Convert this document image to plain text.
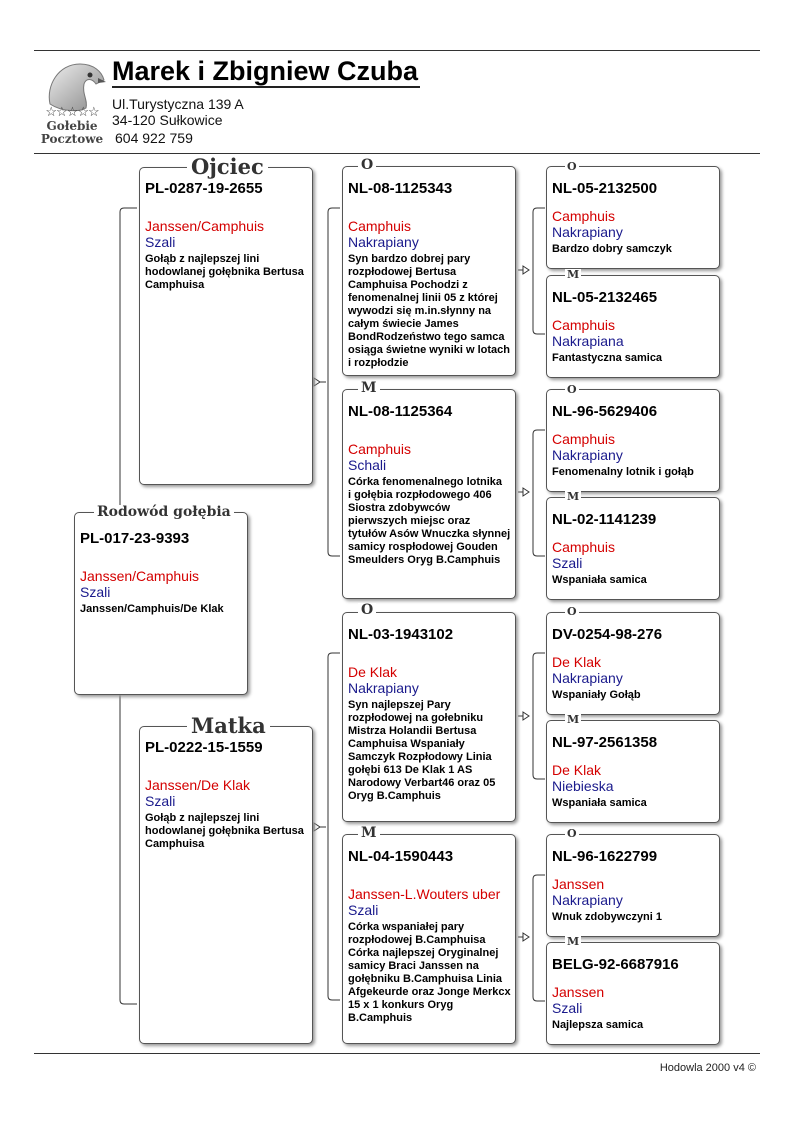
☆☆☆☆☆
Gołebie
Pocztowe
Marek i Zbigniew Czuba
Ul.Turystyczna 139 A
34-120 Sułkowice
604 922 759
PL-017-23-9393
Janssen/Camphuis
Szali
Janssen/Camphuis/De Klak
Rodowód gołębia
PL-0287-19-2655
Janssen/Camphuis
Szali
Gołąb z najlepszej lini hodowlanej gołębnika Bertusa Camphuisa
Ojciec
PL-0222-15-1559
Janssen/De Klak
Szali
Gołąb z najlepszej lini hodowlanej gołębnika Bertusa Camphuisa
Matka
NL-08-1125343
Camphuis
Nakrapiany
Syn bardzo dobrej pary rozpłodowej Bertusa Camphuisa Pochodzi z fenomenalnej linii 05 z której wywodzi się m.in.słynny na całym świecie James BondRodzeństwo tego samca osiąga świetne wyniki w lotach i rozpłodzie
O
NL-08-1125364
Camphuis
Schali
Córka fenomenalnego lotnika
i gołębia rozpłodowego 406 Siostra zdobywców pierwszych miejsc oraz tytułów Asów Wnuczka słynnej samicy rospłodowej Gouden Smeulders Oryg B.Camphuis
M
NL-03-1943102
De Klak
Nakrapiany
Syn najlepszej Pary rozpłodowej na gołebniku Mistrza Holandii Bertusa Camphuisa Wspaniały Samczyk Rozpłodowy Linia gołębi 613 De Klak 1 AS Narodowy Verbart46 oraz 05 Oryg B.Camphuis
O
NL-04-1590443
Janssen-L.Wouters uber
Szali
Córka wspaniałej pary rozpłodowej B.Camphuisa Córka najlepszej Oryginalnej samicy Braci Janssen na gołębniku B.Camphuisa Linia
Afgekeurde oraz Jonge Merkcx 15 x 1 konkurs Oryg B.Camphuis
M
NL-05-2132500
Camphuis
Nakrapiany
Bardzo dobry samczyk
O
NL-05-2132465
Camphuis
Nakrapiana
Fantastyczna samica
M
NL-96-5629406
Camphuis
Nakrapiany
Fenomenalny lotnik i gołąb
O
NL-02-1141239
Camphuis
Szali
Wspaniała samica
M
DV-0254-98-276
De Klak
Nakrapiany
Wspaniały Gołąb
O
NL-97-2561358
De Klak
Niebieska
Wspaniała samica
M
NL-96-1622799
Janssen
Nakrapiany
Wnuk zdobywczyni 1
O
BELG-92-6687916
Janssen
Szali
Najlepsza samica
M
Hodowla 2000 v4 ©
